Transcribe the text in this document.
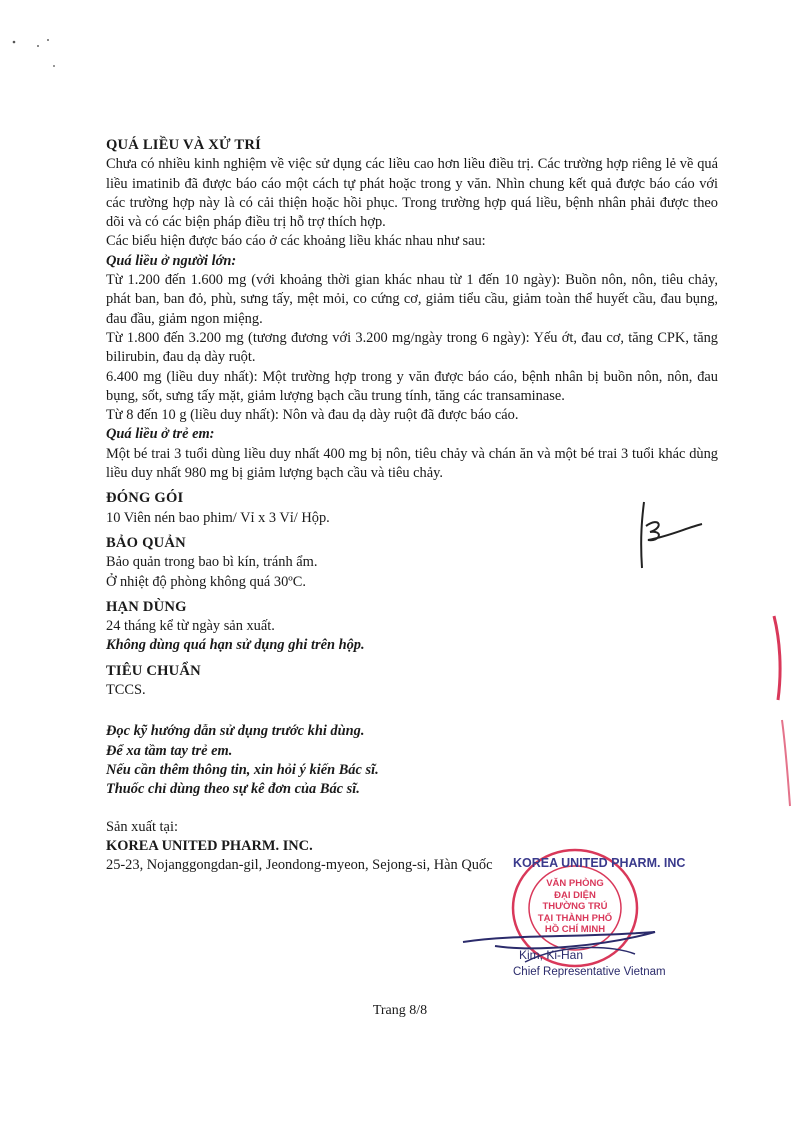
QUÁ LIỀU VÀ XỬ TRÍ

Chưa có nhiều kinh nghiệm về việc sử dụng các liều cao hơn liều điều trị. Các trường hợp riêng lẻ về quá liều imatinib đã được báo cáo một cách tự phát hoặc trong y văn. Nhìn chung kết quả được báo cáo với các trường hợp này là có cải thiện hoặc hồi phục. Trong trường hợp quá liều, bệnh nhân phải được theo dõi và có các biện pháp điều trị hỗ trợ thích hợp.

Các biểu hiện được báo cáo ở các khoảng liều khác nhau như sau:

Quá liều ở người lớn:

Từ 1.200 đến 1.600 mg (với khoảng thời gian khác nhau từ 1 đến 10 ngày): Buồn nôn, nôn, tiêu chảy, phát ban, ban đỏ, phù, sưng tấy, mệt mỏi, co cứng cơ, giảm tiểu cầu, giảm toàn thể huyết cầu, đau bụng, đau đầu, giảm ngon miệng.

Từ 1.800 đến 3.200 mg (tương đương với 3.200 mg/ngày trong 6 ngày): Yếu ớt, đau cơ, tăng CPK, tăng bilirubin, đau dạ dày ruột.

6.400 mg (liều duy nhất): Một trường hợp trong y văn được báo cáo, bệnh nhân bị buồn nôn, nôn, đau bụng, sốt, sưng tấy mặt, giảm lượng bạch cầu trung tính, tăng các transaminase.

Từ 8 đến 10 g (liều duy nhất): Nôn và đau dạ dày ruột đã được báo cáo.

Quá liều ở trẻ em:

Một bé trai 3 tuổi dùng liều duy nhất 400 mg bị nôn, tiêu chảy và chán ăn và một bé trai 3 tuổi khác dùng liều duy nhất 980 mg bị giảm lượng bạch cầu và tiêu chảy.

ĐÓNG GÓI

10 Viên nén bao phim/ Vỉ x 3 Vỉ/ Hộp.

BẢO QUẢN

Bảo quản trong bao bì kín, tránh ẩm.

Ở nhiệt độ phòng không quá 30ºC.

HẠN DÙNG

24 tháng kể từ ngày sản xuất.

Không dùng quá hạn sử dụng ghi trên hộp.

TIÊU CHUẨN

TCCS.

Đọc kỹ hướng dẫn sử dụng trước khi dùng.

Để xa tầm tay trẻ em.

Nếu cần thêm thông tin, xin hỏi ý kiến Bác sĩ.

Thuốc chỉ dùng theo sự kê đơn của Bác sĩ.

Sản xuất tại:

KOREA UNITED PHARM. INC.

25-23, Nojanggongdan-gil, Jeondong-myeon, Sejong-si, Hàn Quốc	KOREA UNITED PHARM. INC
VĂN PHÒNG
ĐẠI DIỆN
THƯỜNG TRÚ
TẠI THÀNH PHỐ
HỒ CHÍ MINH
Kim, Ki-Han
Chief Representative Vietnam
Trang 8/8
